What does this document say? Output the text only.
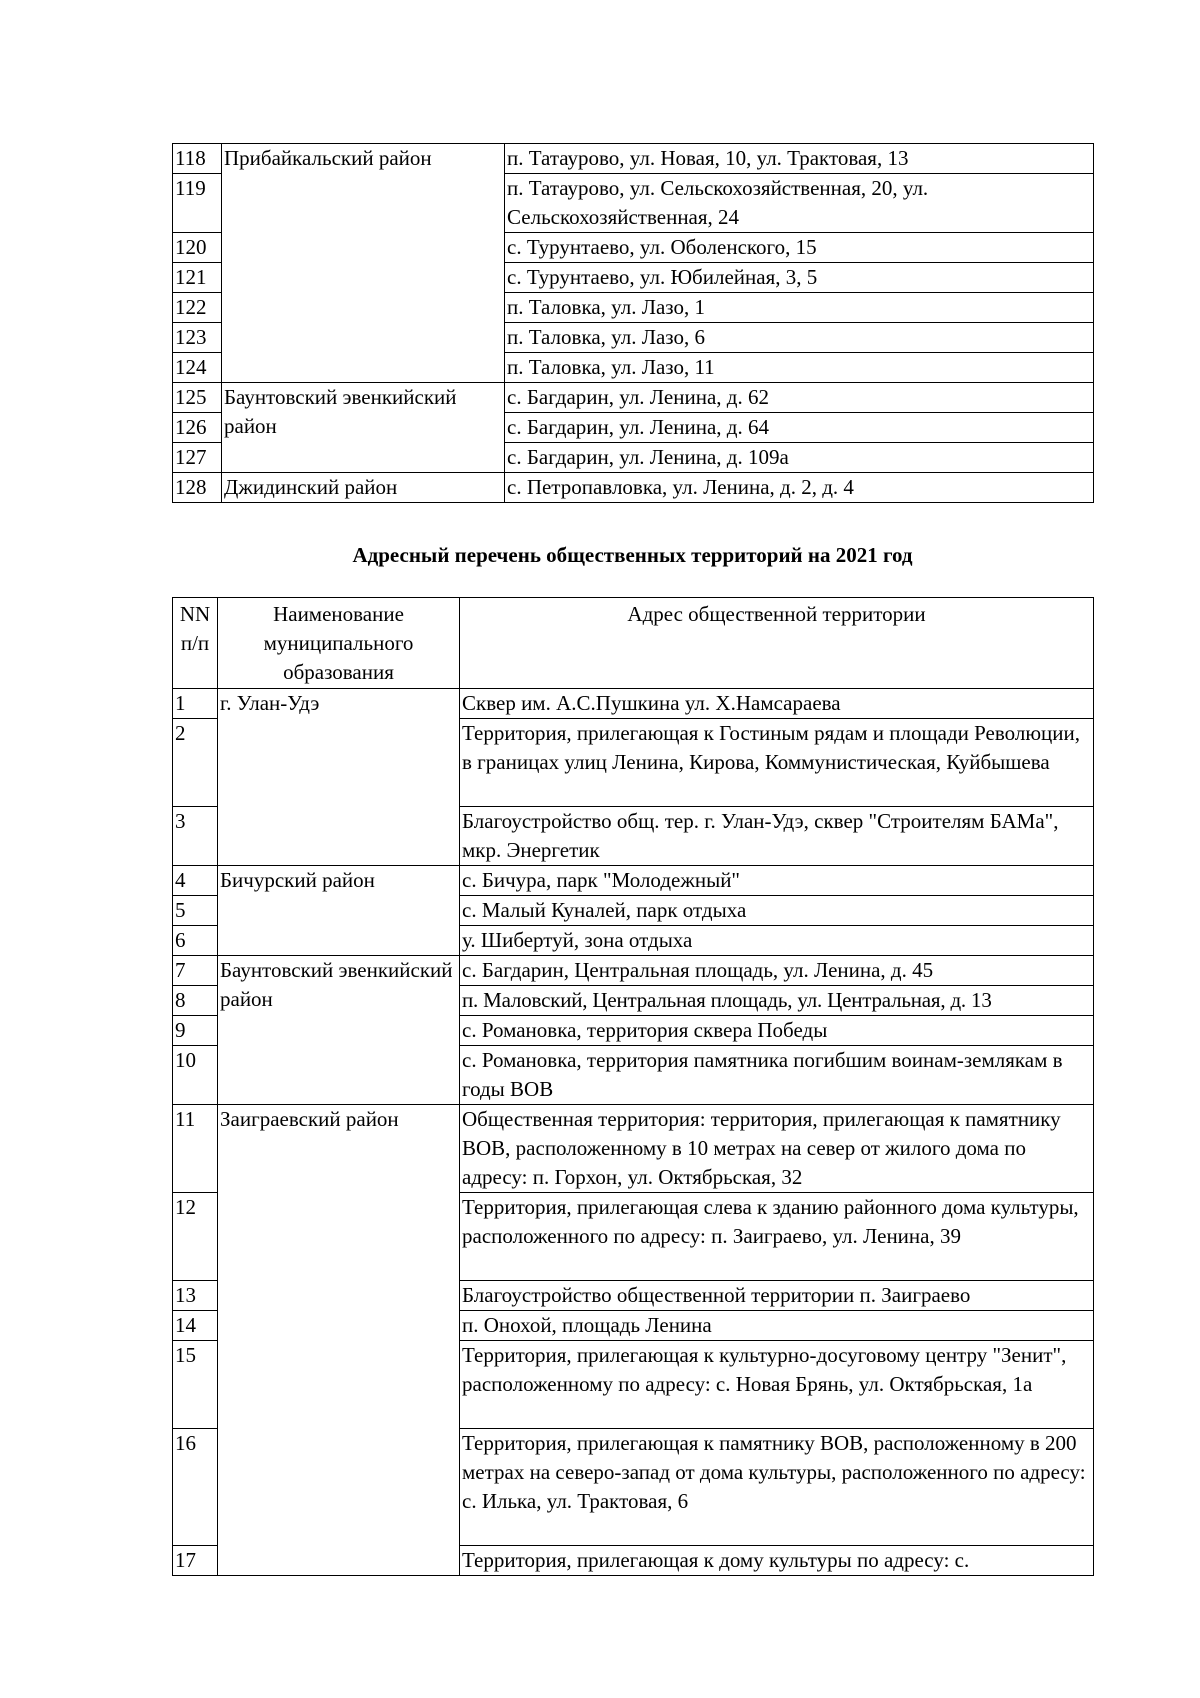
118	Прибайкальский район	п. Татаурово, ул. Новая, 10, ул. Трактовая, 13
119		п. Татаурово, ул. Сельскохозяйственная, 20, ул. Сельскохозяйственная, 24
120		с. Турунтаево, ул. Оболенского, 15
121		с. Турунтаево, ул. Юбилейная, 3, 5
122		п. Таловка, ул. Лазо, 1
123		п. Таловка, ул. Лазо, 6
124		п. Таловка, ул. Лазо, 11
125	Баунтовский эвенкийский район	с. Багдарин, ул. Ленина, д. 62
126		с. Багдарин, ул. Ленина, д. 64
127		с. Багдарин, ул. Ленина, д. 109а
128	Джидинский район	с. Петропавловка, ул. Ленина, д. 2, д. 4
Адресный перечень общественных территорий на 2021 год
NN п/п	Наименование муниципального образования	Адрес общественной территории
1	г. Улан-Удэ	Сквер им. А.С.Пушкина ул. Х.Намсараева
2		Территория, прилегающая к Гостиным рядам и площади Революции, в границах улиц Ленина, Кирова, Коммунистическая, Куйбышева
3		Благоустройство общ. тер. г. Улан-Удэ, сквер "Строителям БАМа", мкр. Энергетик
4	Бичурский район	с. Бичура, парк "Молодежный"
5		с. Малый Куналей, парк отдыха
6		у. Шибертуй, зона отдыха
7	Баунтовский эвенкийский район	с. Багдарин, Центральная площадь, ул. Ленина, д. 45
8		п. Маловский, Центральная площадь, ул. Центральная, д. 13
9		с. Романовка, территория сквера Победы
10		с. Романовка, территория памятника погибшим воинам-землякам в годы ВОВ
11	Заиграевский район	Общественная территория: территория, прилегающая к памятнику ВОВ, расположенному в 10 метрах на север от жилого дома по адресу: п. Горхон, ул. Октябрьская, 32
12		Территория, прилегающая слева к зданию районного дома культуры, расположенного по адресу: п. Заиграево, ул. Ленина, 39
13		Благоустройство общественной территории п. Заиграево
14		п. Онохой, площадь Ленина
15		Территория, прилегающая к культурно-досуговому центру "Зенит", расположенному по адресу: с. Новая Брянь, ул. Октябрьская, 1а
16		Территория, прилегающая к памятнику ВОВ, расположенному в 200 метрах на северо-запад от дома культуры, расположенного по адресу: с. Илька, ул. Трактовая, 6
17		Территория, прилегающая к дому культуры по адресу: с.
